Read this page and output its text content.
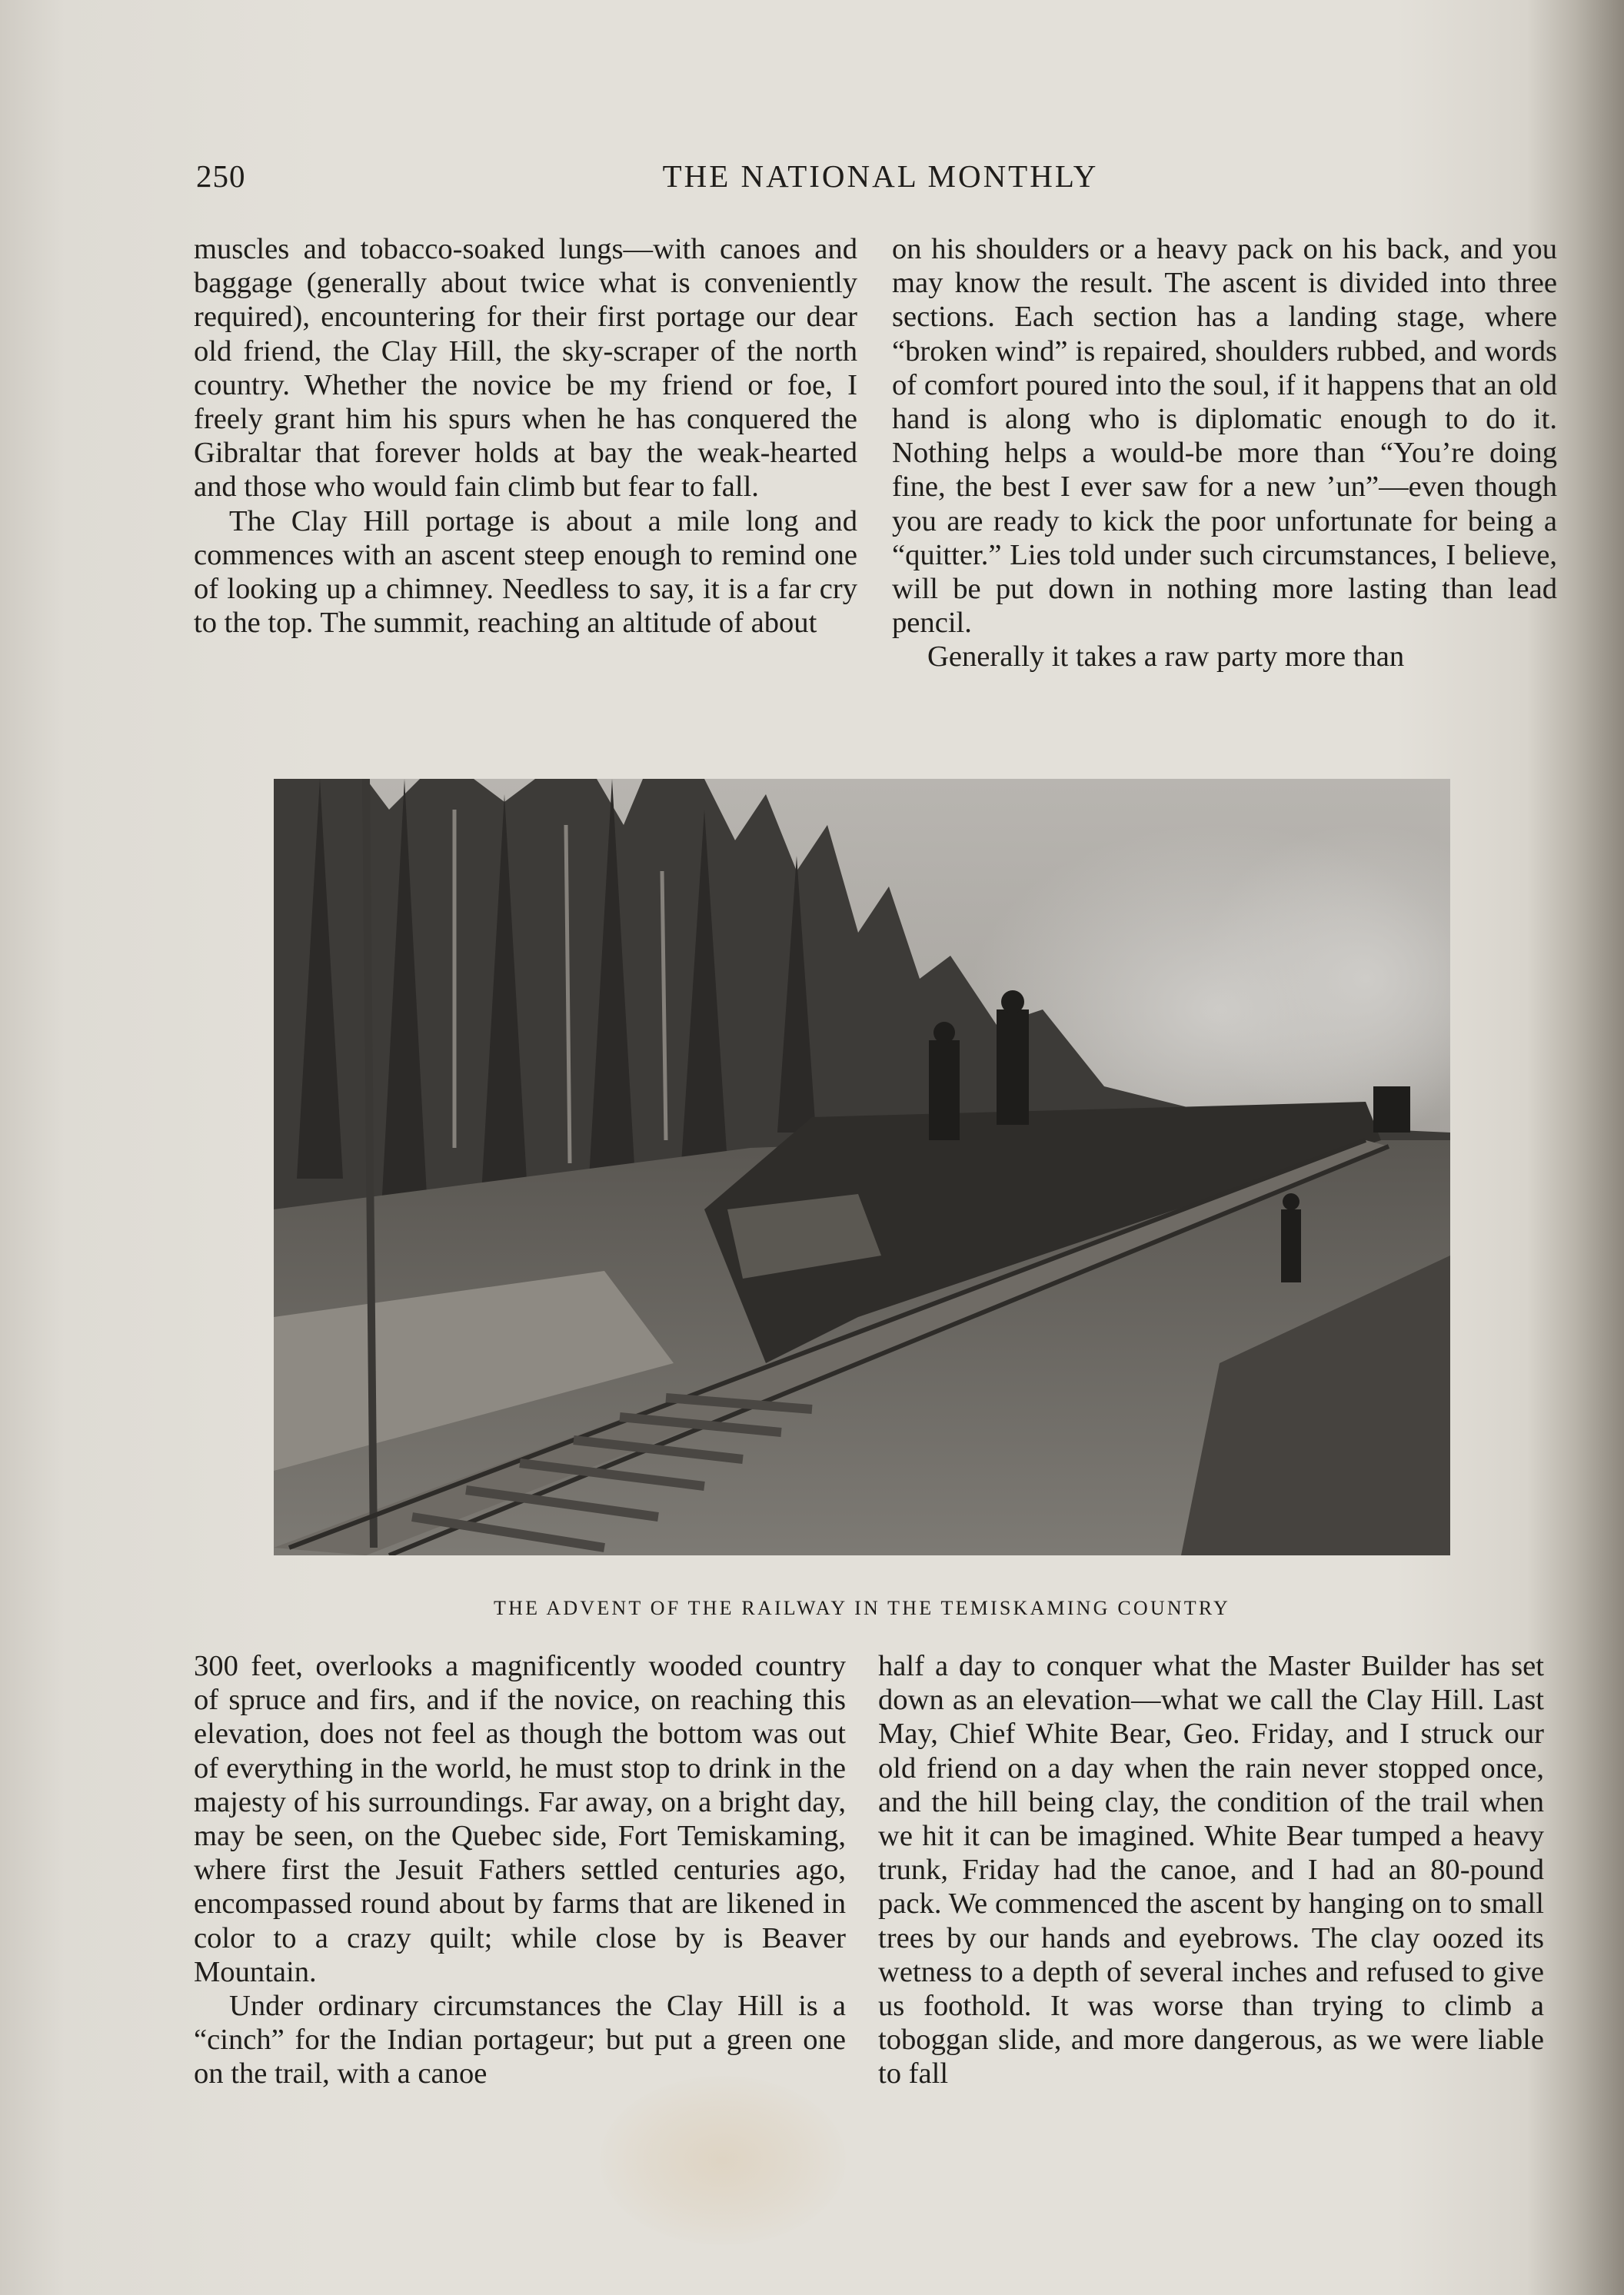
250	THE NATIONAL MONTHLY

muscles and tobacco-soaked lungs—with canoes and baggage (generally about twice what is conveniently required), encountering for their first portage our dear old friend, the Clay Hill, the sky-scraper of the north country. Whether the novice be my friend or foe, I freely grant him his spurs when he has conquered the Gibraltar that forever holds at bay the weak-hearted and those who would fain climb but fear to fall.

The Clay Hill portage is about a mile long and commences with an ascent steep enough to remind one of looking up a chimney. Needless to say, it is a far cry to the top. The summit, reaching an altitude of about

on his shoulders or a heavy pack on his back, and you may know the result. The ascent is divided into three sections. Each section has a landing stage, where “broken wind” is repaired, shoulders rubbed, and words of comfort poured into the soul, if it happens that an old hand is along who is diplomatic enough to do it. Nothing helps a would-be more than “You’re doing fine, the best I ever saw for a new ’un”—even though you are ready to kick the poor unfortunate for being a “quitter.” Lies told under such circumstances, I believe, will be put down in nothing more lasting than lead pencil.

Generally it takes a raw party more than

THE ADVENT OF THE RAILWAY IN THE TEMISKAMING COUNTRY

300 feet, overlooks a magnificently wooded country of spruce and firs, and if the novice, on reaching this elevation, does not feel as though the bottom was out of everything in the world, he must stop to drink in the majesty of his surroundings. Far away, on a bright day, may be seen, on the Quebec side, Fort Temiskaming, where first the Jesuit Fathers settled centuries ago, encompassed round about by farms that are likened in color to a crazy quilt; while close by is Beaver Mountain.

Under ordinary circumstances the Clay Hill is a “cinch” for the Indian portageur; but put a green one on the trail, with a canoe

half a day to conquer what the Master Builder has set down as an elevation—what we call the Clay Hill. Last May, Chief White Bear, Geo. Friday, and I struck our old friend on a day when the rain never stopped once, and the hill being clay, the condition of the trail when we hit it can be imagined. White Bear tumped a heavy trunk, Friday had the canoe, and I had an 80-pound pack. We commenced the ascent by hanging on to small trees by our hands and eyebrows. The clay oozed its wetness to a depth of several inches and refused to give us foothold. It was worse than trying to climb a toboggan slide, and more dangerous, as we were liable to fall
